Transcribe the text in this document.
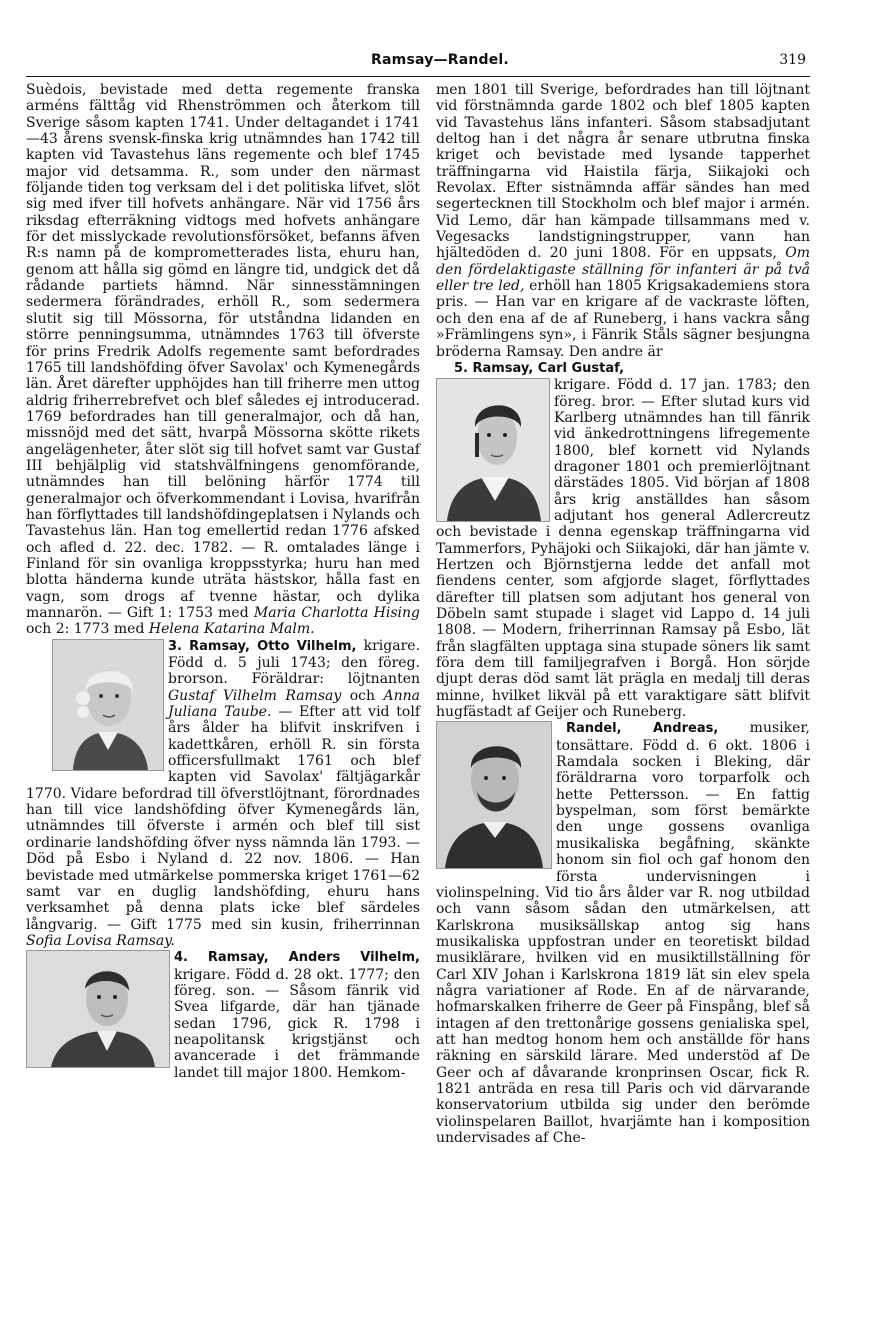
Ramsay—Randel.	319

Suèdois, bevistade med detta regemente franska arméns fälttåg vid Rhenströmmen och återkom till Sverige såsom kapten 1741. Under deltagandet i 1741—43 årens svensk-finska krig utnämndes han 1742 till kapten vid Tavastehus läns regemente och blef 1745 major vid detsamma. R., som under den närmast följande tiden tog verksam del i det politiska lifvet, slöt sig med ifver till hofvets anhängare. När vid 1756 års riksdag efterräkning vidtogs med hofvets anhängare för det misslyckade revolutionsförsöket, befanns äfven R:s namn på de komprometterades lista, ehuru han, genom att hålla sig gömd en längre tid, undgick det då rådande partiets hämnd. När sinnesstämningen sedermera förändrades, erhöll R., som sedermera slutit sig till Mössorna, för utståndna lidanden en större penningsumma, utnämndes 1763 till öfverste för prins Fredrik Adolfs regemente samt befordrades 1765 till landshöfding öfver Savolax' och Kymenegårds län. Året därefter upphöjdes han till friherre men uttog aldrig friherrebrefvet och blef således ej introducerad. 1769 befordrades han till generalmajor, och då han, missnöjd med det sätt, hvarpå Mössorna skötte rikets angelägenheter, åter slöt sig till hofvet samt var Gustaf III behjälplig vid statshvälfningens genomförande, utnämndes han till belöning härför 1774 till generalmajor och öfverkommendant i Lovisa, hvarifrån han förflyttades till landshöfdingeplatsen i Nylands och Tavastehus län. Han tog emellertid redan 1776 afsked och afled d. 22. dec. 1782. — R. omtalades länge i Finland för sin ovanliga kroppsstyrka; huru han med blotta händerna kunde uträta hästskor, hålla fast en vagn, som drogs af tvenne hästar, och dylika mannarön. — Gift 1: 1753 med Maria Charlotta Hising och 2: 1773 med Helena Katarina Malm.

3. Ramsay, Otto Vilhelm, krigare. Född d. 5 juli 1743; den föreg. brorson. Föräldrar: löjtnanten Gustaf Vilhelm Ramsay och Anna Juliana Taube. — Efter att vid tolf års ålder ha blifvit inskrifven i kadettkåren, erhöll R. sin första officersfullmakt 1761 och blef kapten vid Savolax' fältjägarkår 1770. Vidare befordrad till öfverstlöjtnant, förordnades han till vice landshöfding öfver Kymenegårds län, utnämndes till öfverste i armén och blef till sist ordinarie landshöfding öfver nyss nämnda län 1793. — Död på Esbo i Nyland d. 22 nov. 1806. — Han bevistade med utmärkelse pommerska kriget 1761—62 samt var en duglig landshöfding, ehuru hans verksamhet på denna plats icke blef särdeles långvarig. — Gift 1775 med sin kusin, friherrinnan Sofia Lovisa Ramsay.

4. Ramsay, Anders Vilhelm, krigare. Född d. 28 okt. 1777; den föreg. son. — Såsom fänrik vid Svea lifgarde, där han tjänade sedan 1796, gick R. 1798 i neapolitansk krigstjänst och avancerade i det främmande landet till major 1800. Hemkom-

men 1801 till Sverige, befordrades han till löjtnant vid förstnämnda garde 1802 och blef 1805 kapten vid Tavastehus läns infanteri. Såsom stabsadjutant deltog han i det några år senare utbrutna finska kriget och bevistade med lysande tapperhet träffningarna vid Haistila färja, Siikajoki och Revolax. Efter sistnämnda affär sändes han med segertecknen till Stockholm och blef major i armén. Vid Lemo, där han kämpade tillsammans med v. Vegesacks landstigningstrupper, vann han hjältedöden d. 20 juni 1808. För en uppsats, Om den fördelaktigaste ställning för infanteri är på två eller tre led, erhöll han 1805 Krigsakademiens stora pris. — Han var en krigare af de vackraste löften, och den ena af de af Runeberg, i hans vackra sång »Främlingens syn», i Fänrik Ståls sägner besjungna bröderna Ramsay. Den andre är

5. Ramsay, Carl Gustaf,

krigare. Född d. 17 jan. 1783; den föreg. bror. — Efter slutad kurs vid Karlberg utnämndes han till fänrik vid änkedrottningens lifregemente 1800, blef kornett vid Nylands dragoner 1801 och premierlöjtnant därstädes 1805. Vid början af 1808 års krig anställdes han såsom adjutant hos general Adlercreutz och bevistade i denna egenskap träffningarna vid Tammerfors, Pyhäjoki och Siikajoki, där han jämte v. Hertzen och Björnstjerna ledde det anfall mot fiendens center, som afgjorde slaget, förflyttades därefter till platsen som adjutant hos general von Döbeln samt stupade i slaget vid Lappo d. 14 juli 1808. — Modern, friherrinnan Ramsay på Esbo, lät från slagfälten upptaga sina stupade söners lik samt föra dem till familjegrafven i Borgå. Hon sörjde djupt deras död samt lät prägla en medalj till deras minne, hvilket likväl på ett varaktigare sätt blifvit hugfästadt af Geijer och Runeberg.

Randel, Andreas, musiker, tonsättare. Född d. 6 okt. 1806 i Ramdala socken i Bleking, där föräldrarna voro torparfolk och hette Pettersson. — En fattig byspelman, som först bemärkte den unge gossens ovanliga musikaliska begåfning, skänkte honom sin fiol och gaf honom den första undervisningen i violinspelning. Vid tio års ålder var R. nog utbildad och vann såsom sådan den utmärkelsen, att Karlskrona musiksällskap antog sig hans musikaliska uppfostran under en teoretiskt bildad musiklärare, hvilken vid en musiktillställning för Carl XIV Johan i Karlskrona 1819 lät sin elev spela några variationer af Rode. En af de närvarande, hofmarskalken friherre de Geer på Finspång, blef så intagen af den trettonårige gossens genialiska spel, att han medtog honom hem och anställde för hans räkning en särskild lärare. Med understöd af De Geer och af dåvarande kronprinsen Oscar, fick R. 1821 anträda en resa till Paris och vid därvarande konservatorium utbilda sig under den berömde violinspelaren Baillot, hvarjämte han i komposition undervisades af Che-
